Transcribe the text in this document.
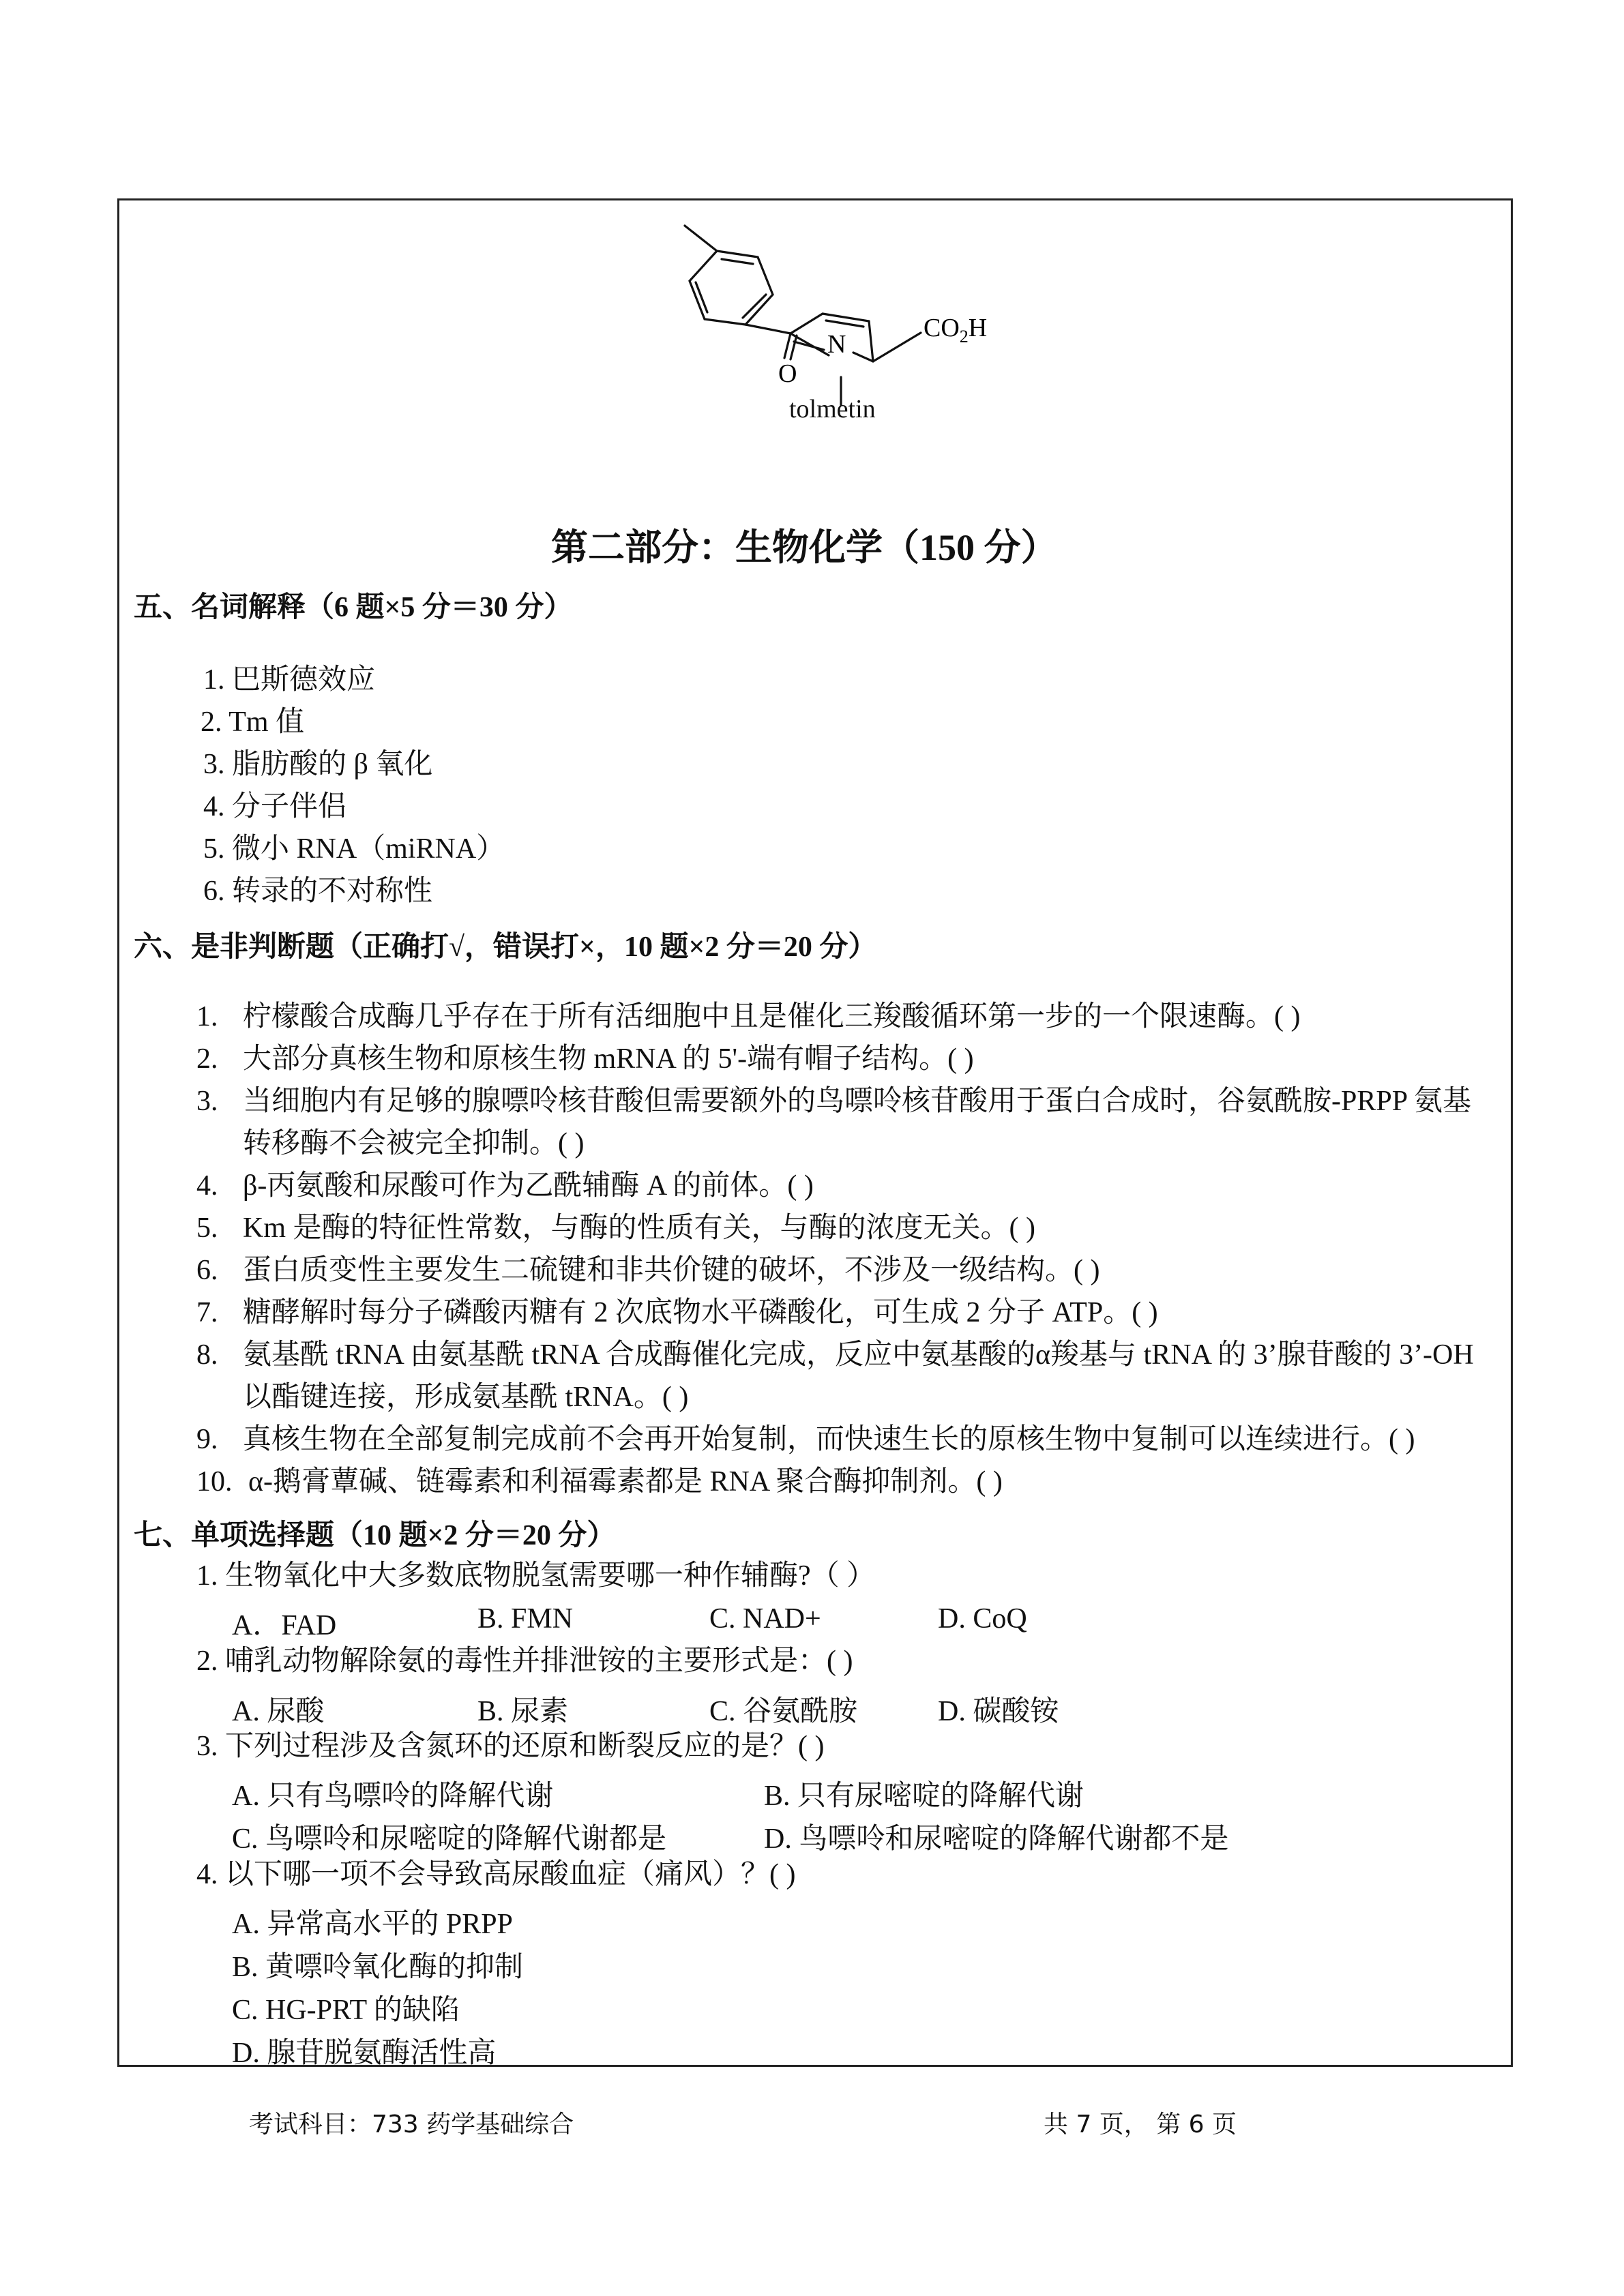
N
O
$CO_2H$
tolmetin
第二部分：生物化学（150 分）
五、名词解释（6 题×5 分＝30 分）
1. 巴斯德效应
2. Tm 值
3. 脂肪酸的 β 氧化
4. 分子伴侣
5. 微小 RNA（miRNA）
6. 转录的不对称性
六、是非判断题（正确打√，错误打×，10 题×2 分＝20 分）
1. 柠檬酸合成酶几乎存在于所有活细胞中且是催化三羧酸循环第一步的一个限速酶。( )
2. 大部分真核生物和原核生物 mRNA 的 5'-端有帽子结构。( )
3. 当细胞内有足够的腺嘌呤核苷酸但需要额外的鸟嘌呤核苷酸用于蛋白合成时，谷氨酰胺-PRPP 氨基
转移酶不会被完全抑制。( )
4. β-丙氨酸和尿酸可作为乙酰辅酶 A 的前体。( )
5. Km 是酶的特征性常数，与酶的性质有关，与酶的浓度无关。( )
6. 蛋白质变性主要发生二硫键和非共价键的破坏，不涉及一级结构。( )
7. 糖酵解时每分子磷酸丙糖有 2 次底物水平磷酸化，可生成 2 分子 ATP。( )
8. 氨基酰 tRNA 由氨基酰 tRNA 合成酶催化完成，反应中氨基酸的α羧基与 tRNA 的 3’腺苷酸的 3’-OH
以酯键连接，形成氨基酰 tRNA。( )
9. 真核生物在全部复制完成前不会再开始复制，而快速生长的原核生物中复制可以连续进行。( )
10. α-鹅膏蕈碱、链霉素和利福霉素都是 RNA 聚合酶抑制剂。( )
七、单项选择题（10 题×2 分＝20 分）
1. 生物氧化中大多数底物脱氢需要哪一种作辅酶?（ ）
A．FAD	B. FMN	C. NAD+	D. CoQ
2. 哺乳动物解除氨的毒性并排泄铵的主要形式是：( )
A. 尿酸	B. 尿素	C. 谷氨酰胺	D. 碳酸铵
3. 下列过程涉及含氮环的还原和断裂反应的是？( )
A. 只有鸟嘌呤的降解代谢	B. 只有尿嘧啶的降解代谢
C. 鸟嘌呤和尿嘧啶的降解代谢都是	D. 鸟嘌呤和尿嘧啶的降解代谢都不是
4. 以下哪一项不会导致高尿酸血症（痛风）？( )
A. 异常高水平的 PRPP
B. 黄嘌呤氧化酶的抑制
C. HG-PRT 的缺陷
D. 腺苷脱氨酶活性高
考试科目：733 药学基础综合	共 7 页， 第 6 页
